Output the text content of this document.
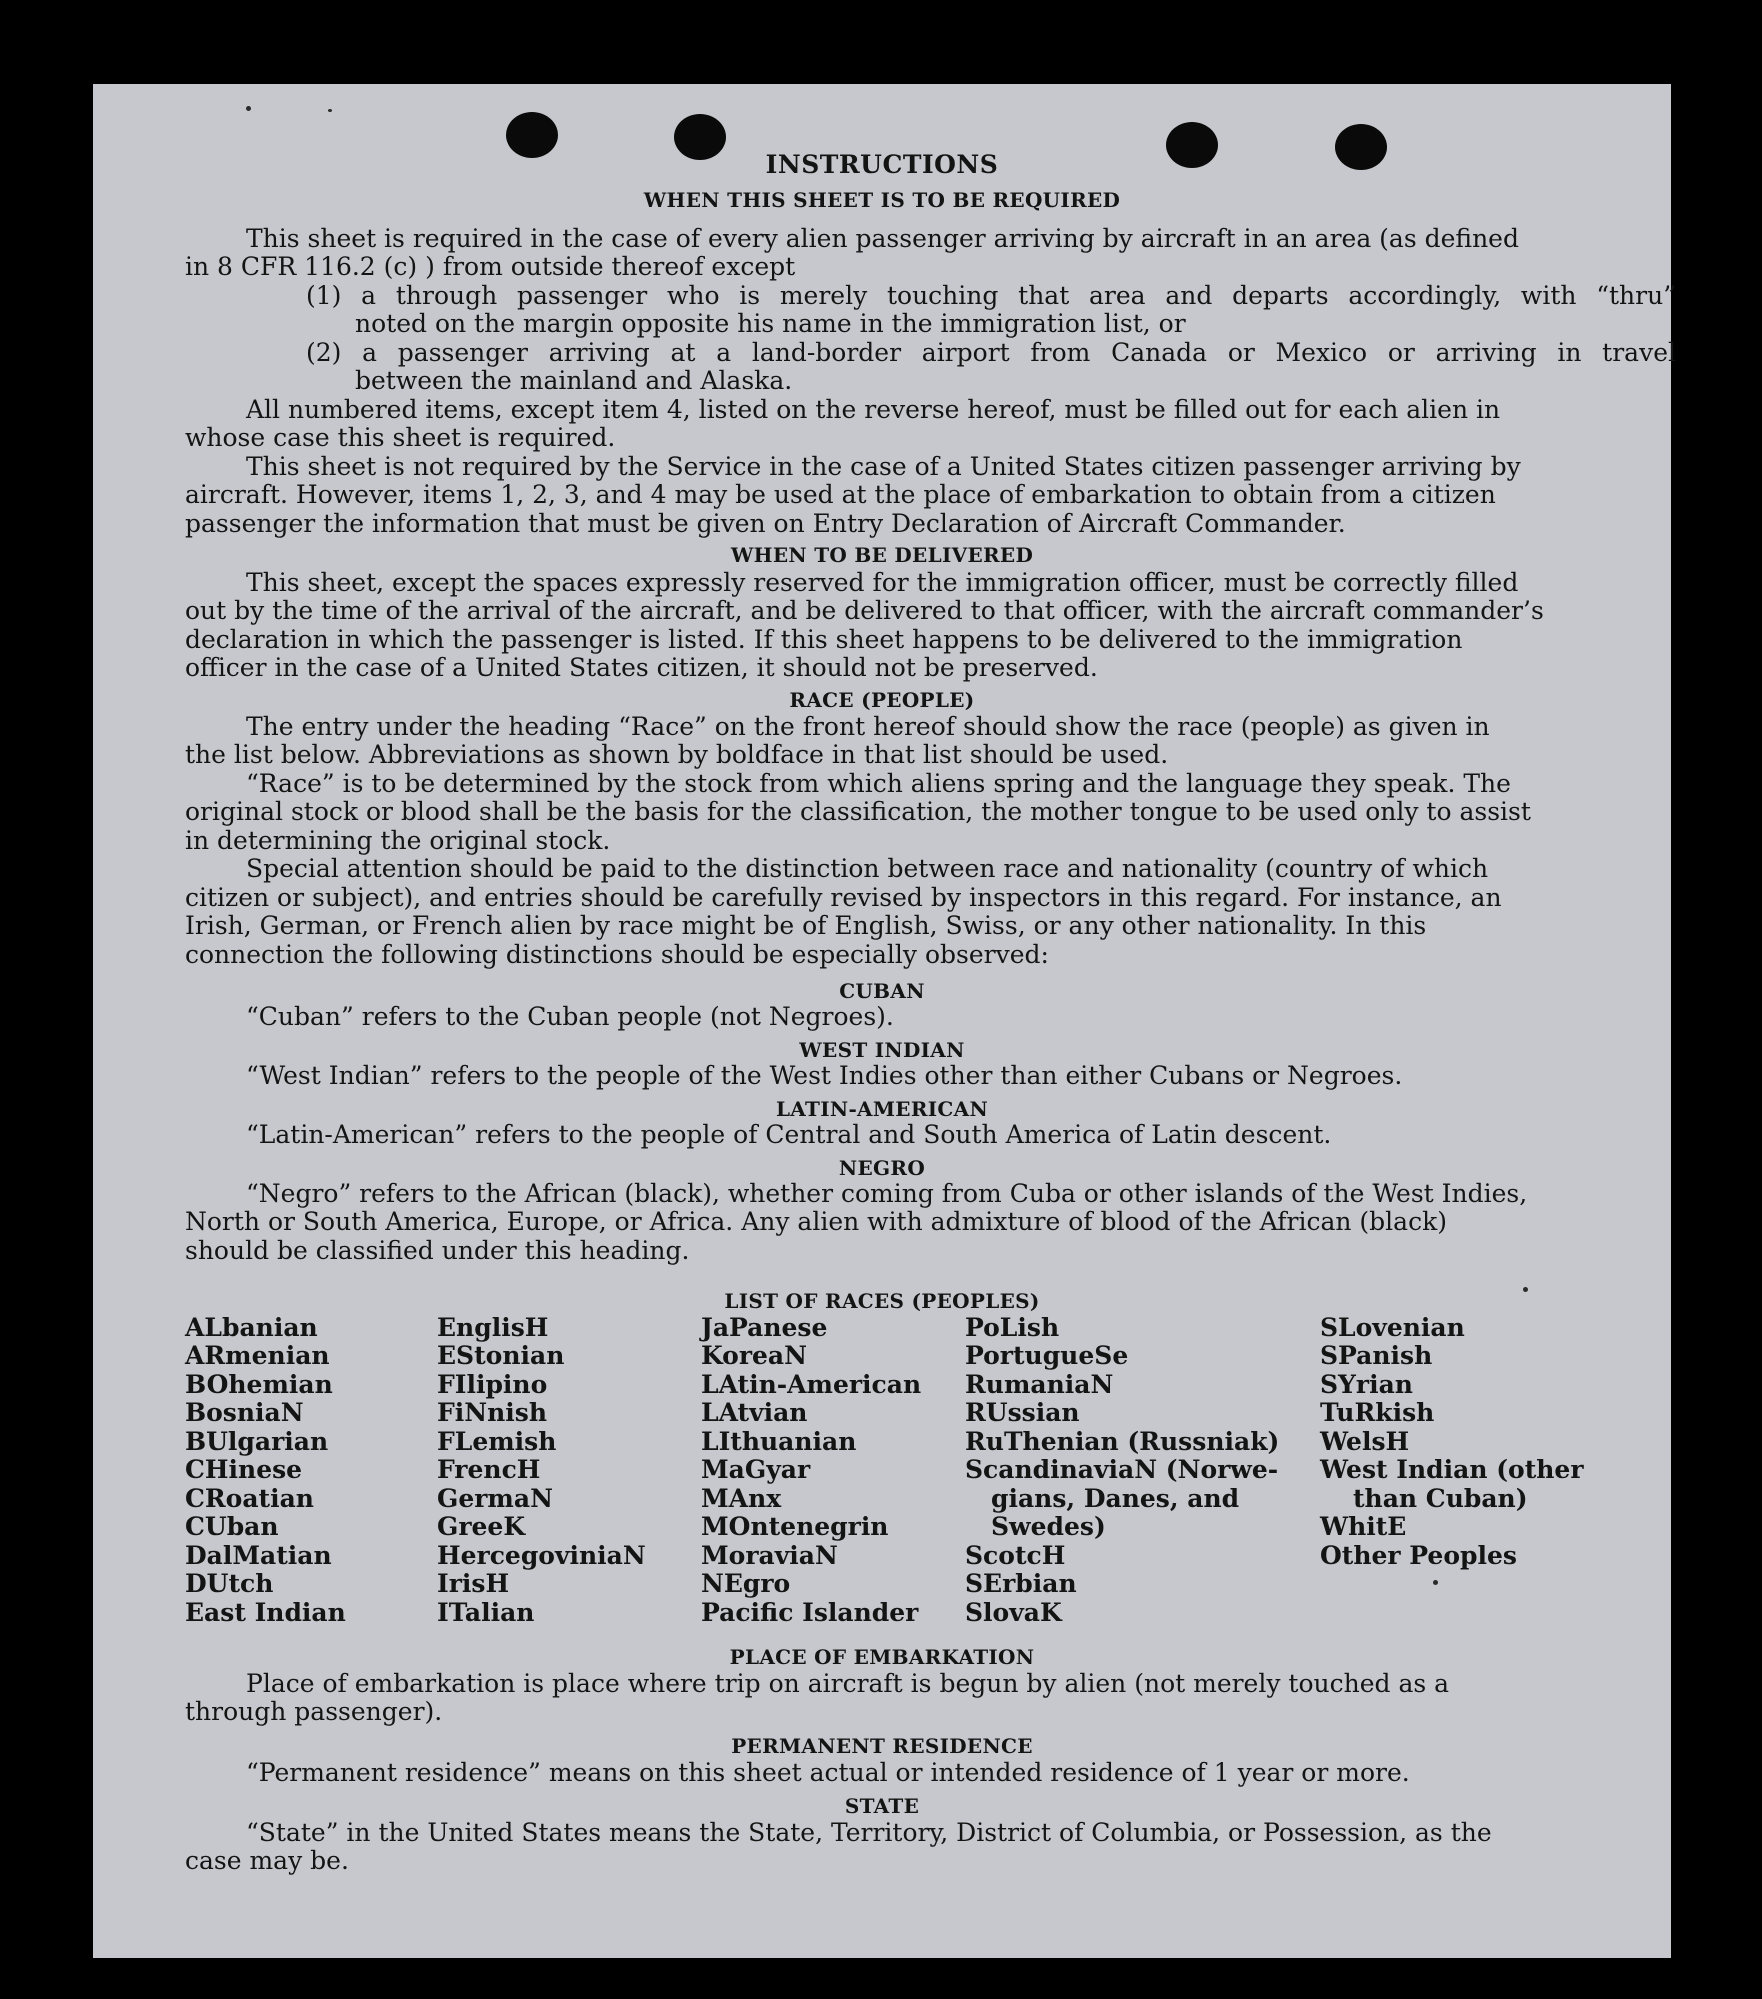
INSTRUCTIONS
WHEN THIS SHEET IS TO BE REQUIRED
This sheet is required in the case of every alien passenger arriving by aircraft in an area (as defined
in 8 CFR 116.2 (c) ) from outside thereof except
(1) a through passenger who is merely touching that area and departs accordingly, with “thru”
noted on the margin opposite his name in the immigration list, or
(2) a passenger arriving at a land-border airport from Canada or Mexico or arriving in travel
between the mainland and Alaska.
All numbered items, except item 4, listed on the reverse hereof, must be filled out for each alien in
whose case this sheet is required.
This sheet is not required by the Service in the case of a United States citizen passenger arriving by
aircraft. However, items 1, 2, 3, and 4 may be used at the place of embarkation to obtain from a citizen
passenger the information that must be given on Entry Declaration of Aircraft Commander.
WHEN TO BE DELIVERED
This sheet, except the spaces expressly reserved for the immigration officer, must be correctly filled
out by the time of the arrival of the aircraft, and be delivered to that officer, with the aircraft commander’s
declaration in which the passenger is listed. If this sheet happens to be delivered to the immigration
officer in the case of a United States citizen, it should not be preserved.
RACE (PEOPLE)
The entry under the heading “Race” on the front hereof should show the race (people) as given in
the list below. Abbreviations as shown by boldface in that list should be used.
“Race” is to be determined by the stock from which aliens spring and the language they speak. The
original stock or blood shall be the basis for the classification, the mother tongue to be used only to assist
in determining the original stock.
Special attention should be paid to the distinction between race and nationality (country of which
citizen or subject), and entries should be carefully revised by inspectors in this regard. For instance, an
Irish, German, or French alien by race might be of English, Swiss, or any other nationality. In this
connection the following distinctions should be especially observed:
CUBAN
“Cuban” refers to the Cuban people (not Negroes).
WEST INDIAN
“West Indian” refers to the people of the West Indies other than either Cubans or Negroes.
LATIN-AMERICAN
“Latin-American” refers to the people of Central and South America of Latin descent.
NEGRO
“Negro” refers to the African (black), whether coming from Cuba or other islands of the West Indies,
North or South America, Europe, or Africa. Any alien with admixture of blood of the African (black)
should be classified under this heading.
LIST OF RACES (PEOPLES)
ALbanian
ARmenian
BOhemian
BosniaN
BUlgarian
CHinese
CRoatian
CUban
DalMatian
DUtch
East Indian
EnglisH
EStonian
FIlipino
FiNnish
FLemish
FrencH
GermaN
GreeK
HercegoviniaN
IrisH
ITalian
JaPanese
KoreaN
LAtin-American
LAtvian
LIthuanian
MaGyar
MAnx
MOntenegrin
MoraviaN
NEgro
Pacific Islander
PoLish
PortugueSe
RumaniaN
RUssian
RuThenian (Russniak)
ScandinaviaN (Norwe-
gians, Danes, and
Swedes)
ScotcH
SErbian
SlovaK
SLovenian
SPanish
SYrian
TuRkish
WelsH
West Indian (other
than Cuban)
WhitE
Other Peoples
PLACE OF EMBARKATION
Place of embarkation is place where trip on aircraft is begun by alien (not merely touched as a
through passenger).
PERMANENT RESIDENCE
“Permanent residence” means on this sheet actual or intended residence of 1 year or more.
STATE
“State” in the United States means the State, Territory, District of Columbia, or Possession, as the
case may be.
